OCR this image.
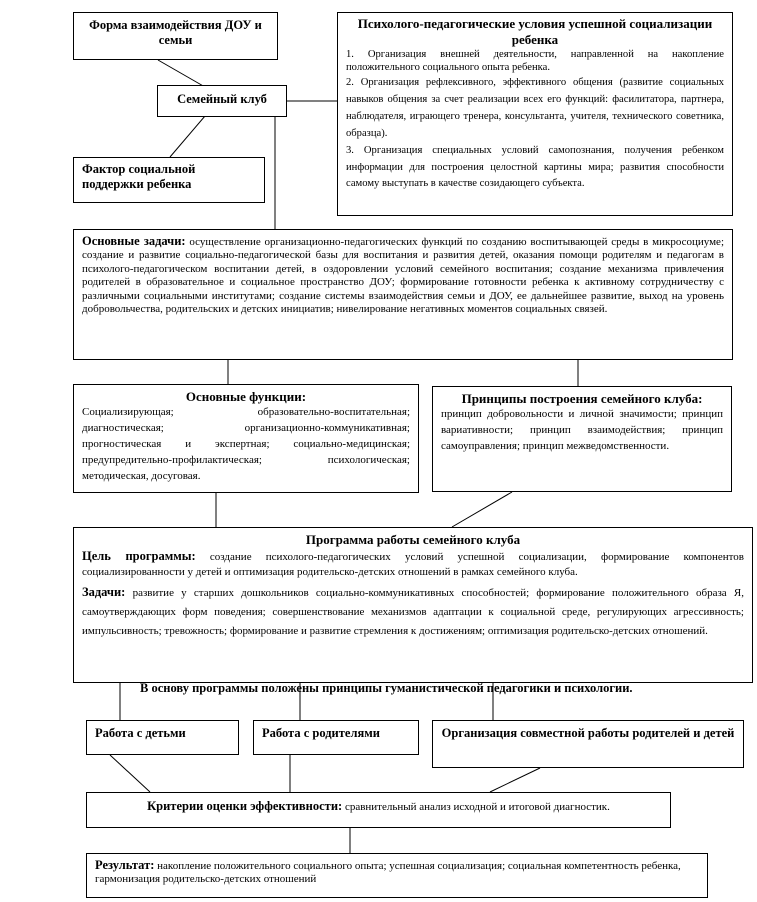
Форма взаимодействия ДОУ и семьи
Психолого-педагогические условия успешной социализации ребенка

1. Организация внешней деятельности, направленной на накопление положительного социального опыта ребенка.

2. Организация рефлексивного, эффективного общения (развитие социальных навыков общения за счет реализации всех его функций: фасилитатора, партнера, наблюдателя, играющего тренера, консультанта, учителя, технического советника, образца).

3. Организация специальных условий самопознания, получения ребенком информации для построения целостной картины мира; развития способности самому выступать в качестве созидающего субъекта.

Семейный клуб
Фактор социальной поддержки ребенка
Основные задачи: осуществление организационно-педагогических функций по созданию воспитывающей среды в микросоциуме; создание и развитие социально-педагогической базы для воспитания и развития детей, оказания помощи родителям и педагогам в психолого-педагогическом воспитании детей, в оздоровлении условий семейного воспитания; создание механизма привлечения родителей в образовательное и социальное пространство ДОУ; формирование готовности ребенка к активному сотрудничеству с различными социальными институтами; создание системы взаимодействия семьи и ДОУ, ее дальнейшее развитие, выход на уровень добровольчества, родительских и детских инициатив; нивелирование негативных моментов социальных связей.
Основные функции:

Социализирующая; образовательно-воспитательная; диагностическая; организационно-коммуникативная; прогностическая и экспертная; социально-медицинская; предупредительно-профилактическая; психологическая; методическая, досуговая.

Принципы построения семейного клуба:

принцип добровольности и личной значимости; принцип вариативности; принцип взаимодействия; принцип самоуправления; принцип межведомственности.

Программа работы семейного клуба

Цель программы: создание психолого-педагогических условий успешной социализации, формирование компонентов социализированности у детей и оптимизация родительско-детских отношений в рамках семейного клуба.

Задачи: развитие у старших дошкольников социально-коммуникативных способностей; формирование положительного образа Я, самоутверждающих форм поведения; совершенствование механизмов адаптации к социальной среде, регулирующих агрессивность; импульсивность; тревожность; формирование и развитие стремления к достижениям; оптимизация родительско-детских отношений.

В основу программы положены принципы гуманистической педагогики и психологии.
Работа с детьми	Работа с родителями	Организация совместной работы родителей и детей
Критерии оценки эффективности: сравнительный анализ исходной и итоговой диагностик.
Результат: накопление положительного социального опыта; успешная социализация; социальная компетентность ребенка, гармонизация родительско-детских отношений
